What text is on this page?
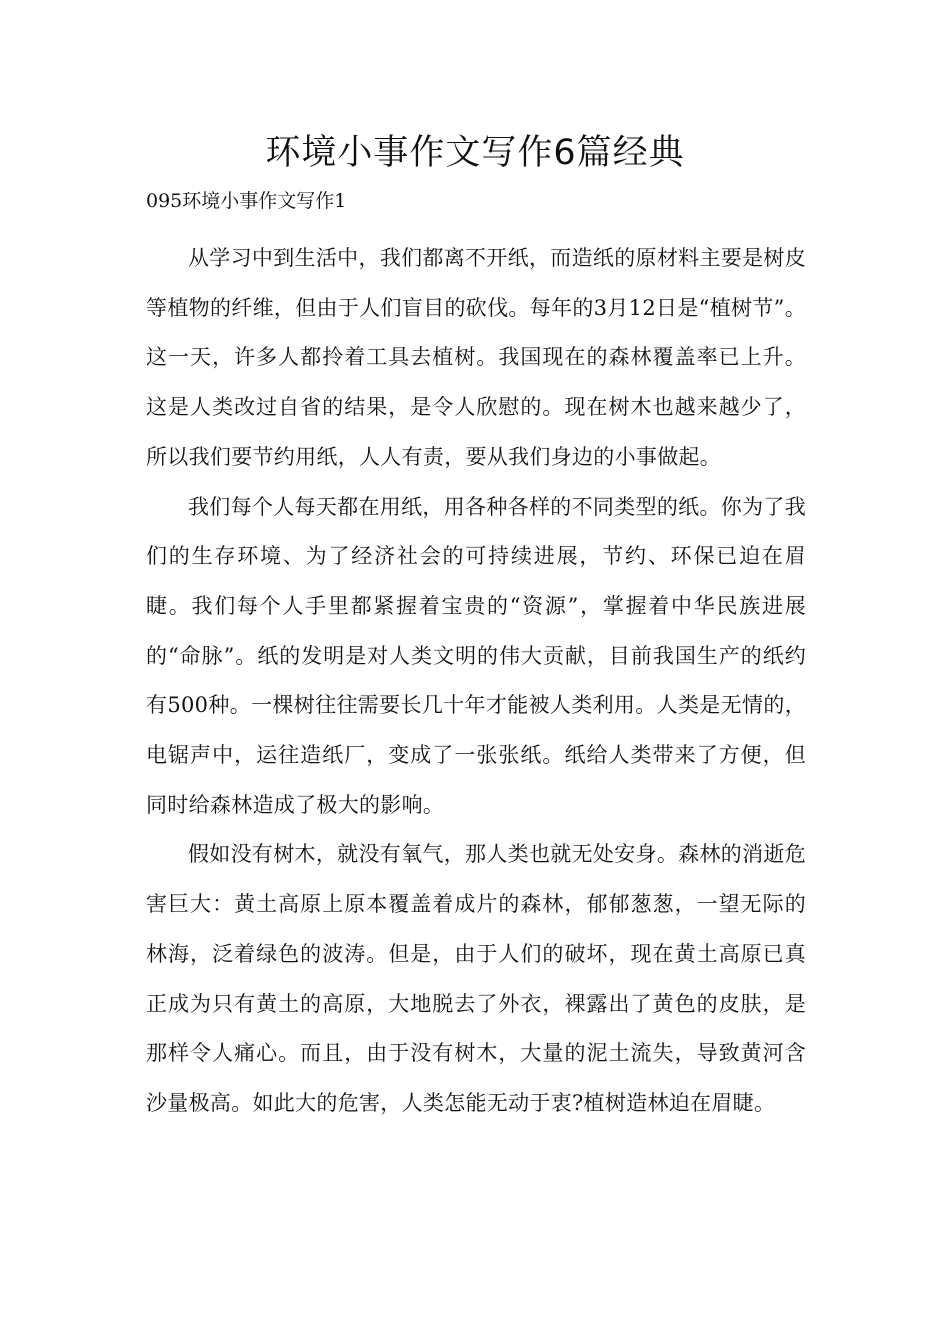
环境小事作文写作6篇经典

095环境小事作文写作1

从学习中到生活中，我们都离不开纸，而造纸的原材料主要是树皮等植物的纤维，但由于人们盲目的砍伐。每年的3月12日是“植树节”。这一天，许多人都拎着工具去植树。我国现在的森林覆盖率已上升。这是人类改过自省的结果，是令人欣慰的。现在树木也越来越少了，所以我们要节约用纸，人人有责，要从我们身边的小事做起。

我们每个人每天都在用纸，用各种各样的不同类型的纸。你为了我们的生存环境、为了经济社会的可持续进展，节约、环保已迫在眉睫。我们每个人手里都紧握着宝贵的“资源”，掌握着中华民族进展的“命脉”。纸的发明是对人类文明的伟大贡献，目前我国生产的纸约有500种。一棵树往往需要长几十年才能被人类利用。人类是无情的，电锯声中，运往造纸厂，变成了一张张纸。纸给人类带来了方便，但同时给森林造成了极大的影响。

假如没有树木，就没有氧气，那人类也就无处安身。森林的消逝危害巨大：黄土高原上原本覆盖着成片的森林，郁郁葱葱，一望无际的林海，泛着绿色的波涛。但是，由于人们的破坏，现在黄土高原已真正成为只有黄土的高原，大地脱去了外衣，裸露出了黄色的皮肤，是那样令人痛心。而且，由于没有树木，大量的泥土流失，导致黄河含沙量极高。如此大的危害，人类怎能无动于衷?植树造林迫在眉睫。
